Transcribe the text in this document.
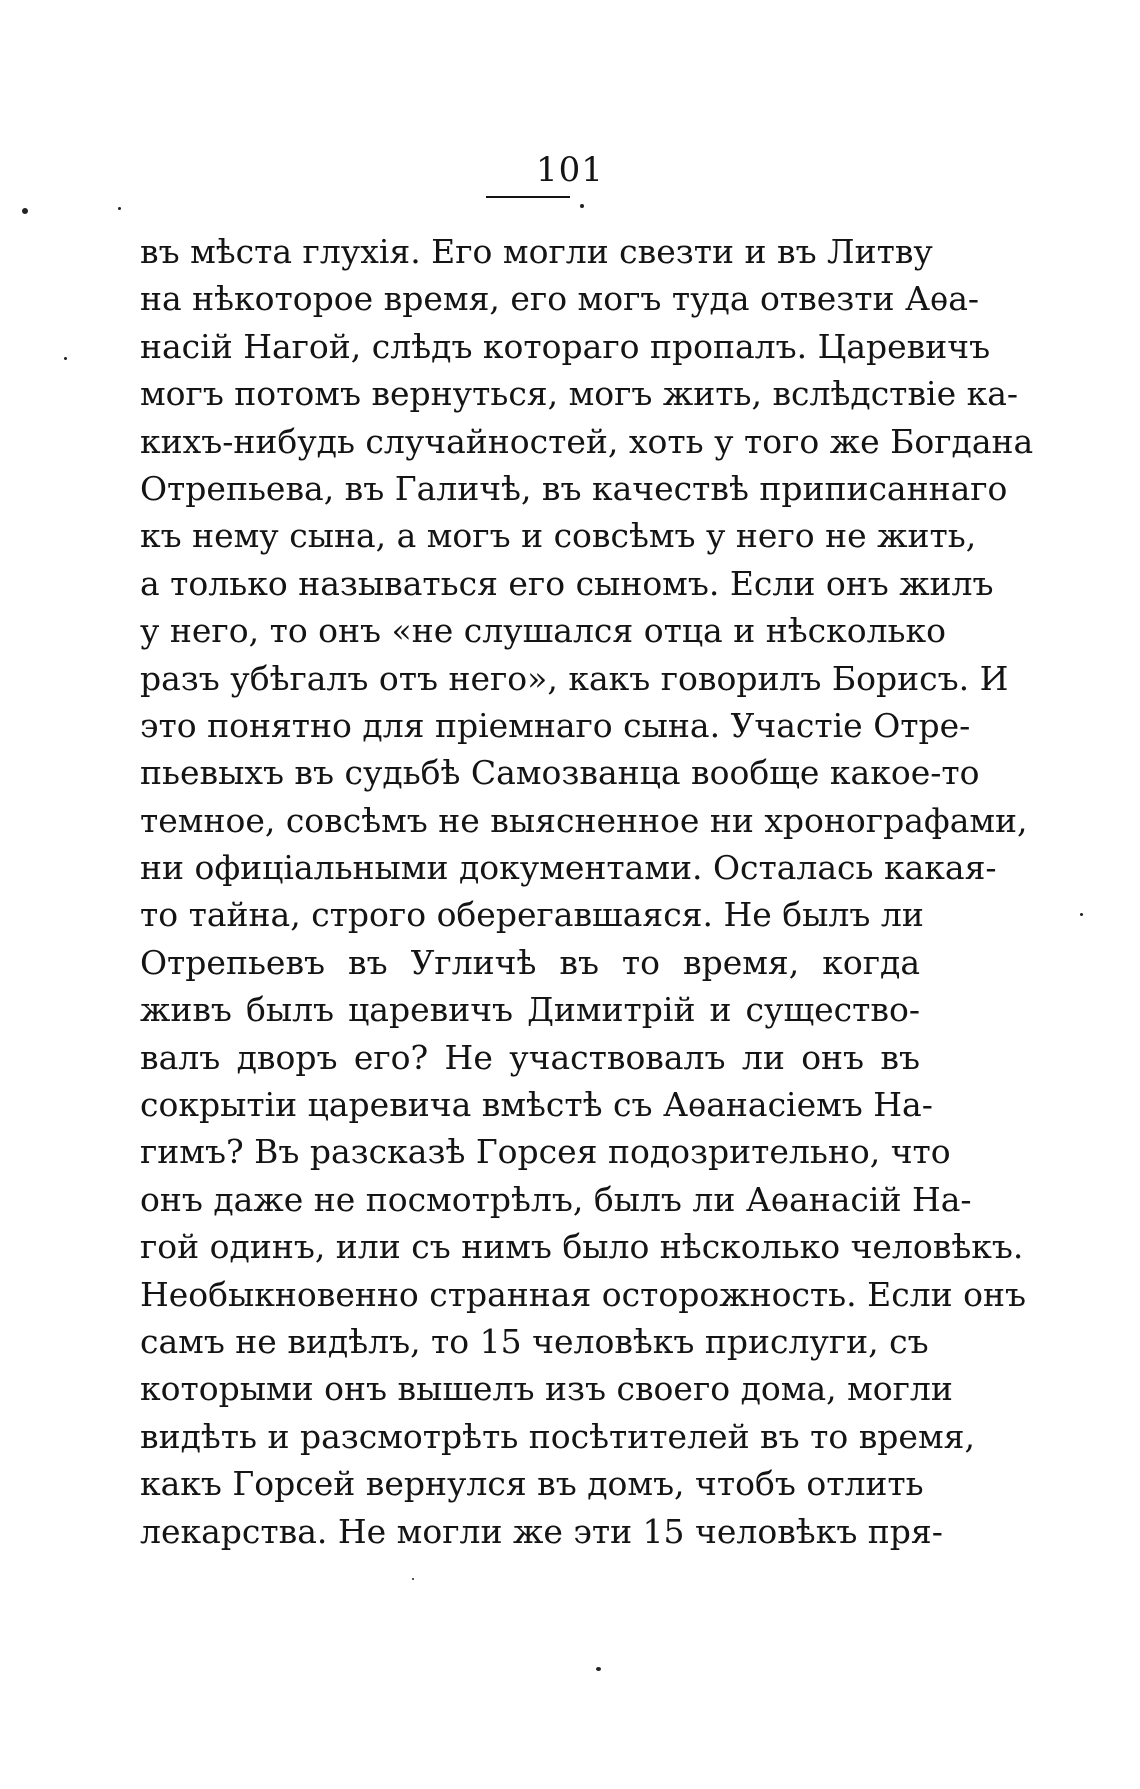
101
въ мѣста глухія. Его могли свезти и въ Литву
на нѣкоторое время, его могъ туда отвезти Аѳа-
насій Нагой, слѣдъ котораго пропалъ. Царевичъ
могъ потомъ вернуться, могъ жить, вслѣдствіе ка-
кихъ-нибудь случайностей, хоть у того же Богдана
Отрепьева, въ Галичѣ, въ качествѣ приписаннаго
къ нему сына, а могъ и совсѣмъ у него не жить,
а только называться его сыномъ. Если онъ жилъ
у него, то онъ «не слушался отца и нѣсколько
разъ убѣгалъ отъ него», какъ говорилъ Борисъ. И
это понятно для пріемнаго сына. Участіе Отре-
пьевыхъ въ судьбѣ Самозванца вообще какое-то
темное, совсѣмъ не выясненное ни хронографами,
ни офиціальными документами. Осталась какая-
то тайна, строго оберегавшаяся. Не былъ ли
Отрепьевъ въ Угличѣ въ то время, когда
живъ былъ царевичъ Димитрій и существо-
валъ дворъ его? Не участвовалъ ли онъ въ
сокрытіи царевича вмѣстѣ съ Аѳанасіемъ На-
гимъ? Въ разсказѣ Горсея подозрительно, что
онъ даже не посмотрѣлъ, былъ ли Аѳанасій На-
гой одинъ, или съ нимъ было нѣсколько человѣкъ.
Необыкновенно странная осторожность. Если онъ
самъ не видѣлъ, то 15 человѣкъ прислуги, съ
которыми онъ вышелъ изъ своего дома, могли
видѣть и разсмотрѣть посѣтителей въ то время,
какъ Горсей вернулся въ домъ, чтобъ отлить
лекарства. Не могли же эти 15 человѣкъ пря-
